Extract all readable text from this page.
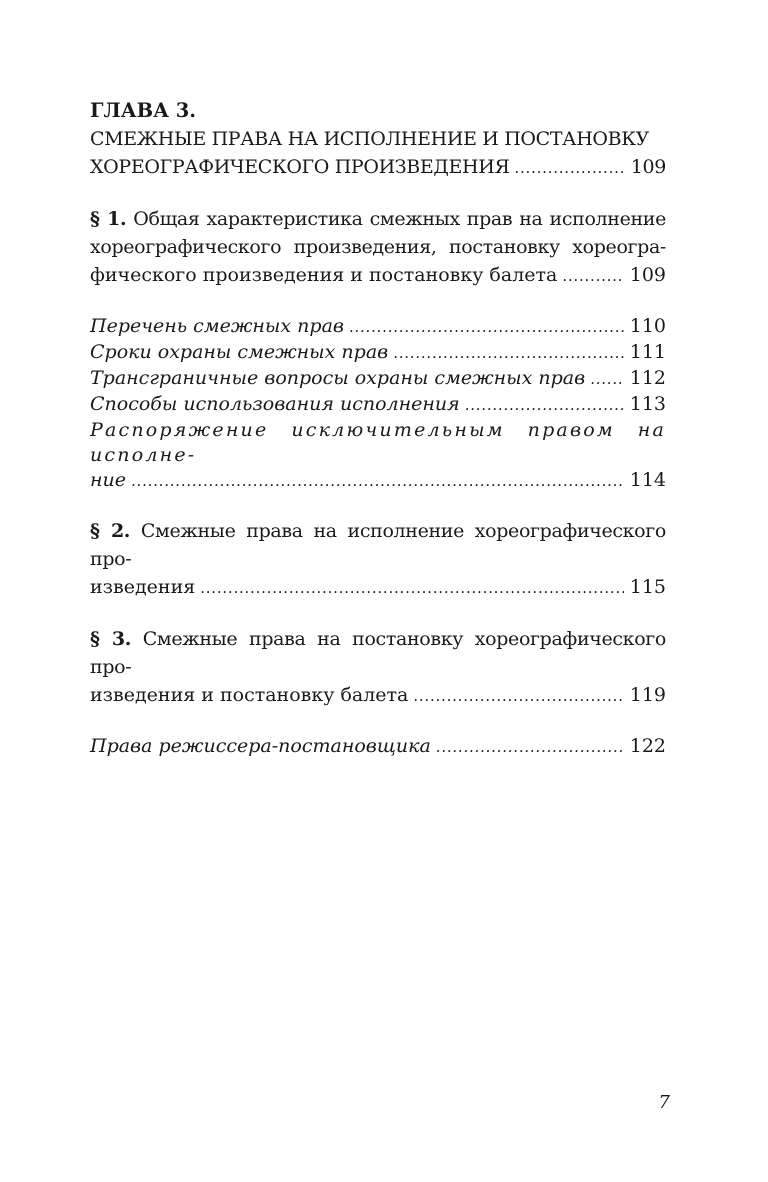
ГЛАВА 3.

СМЕЖНЫЕ ПРАВА НА ИСПОЛНЕНИЕ И ПОСТАНОВКУ

ХОРЕОГРАФИЧЕСКОГО ПРОИЗВЕДЕНИЯ . . .	109

§ 1. Общая характеристика смежных прав на исполнение

хореографического произведения, постановку хореогра-

фического произведения и постановку балета . . .	109
Перечень смежных прав . . .	110
Сроки охраны смежных прав . . .	111
Трансграничные вопросы охраны смежных прав . . .	112
Способы использования исполнения . . .	113

Распоряжение исключительным правом на исполне-

ние . . .	114

§ 2. Смежные права на исполнение хореографического про-

изведения . . .	115

§ 3. Смежные права на постановку хореографического про-

изведения и постановку балета . . .	119
Права режиссера-постановщика . . .	122
7
